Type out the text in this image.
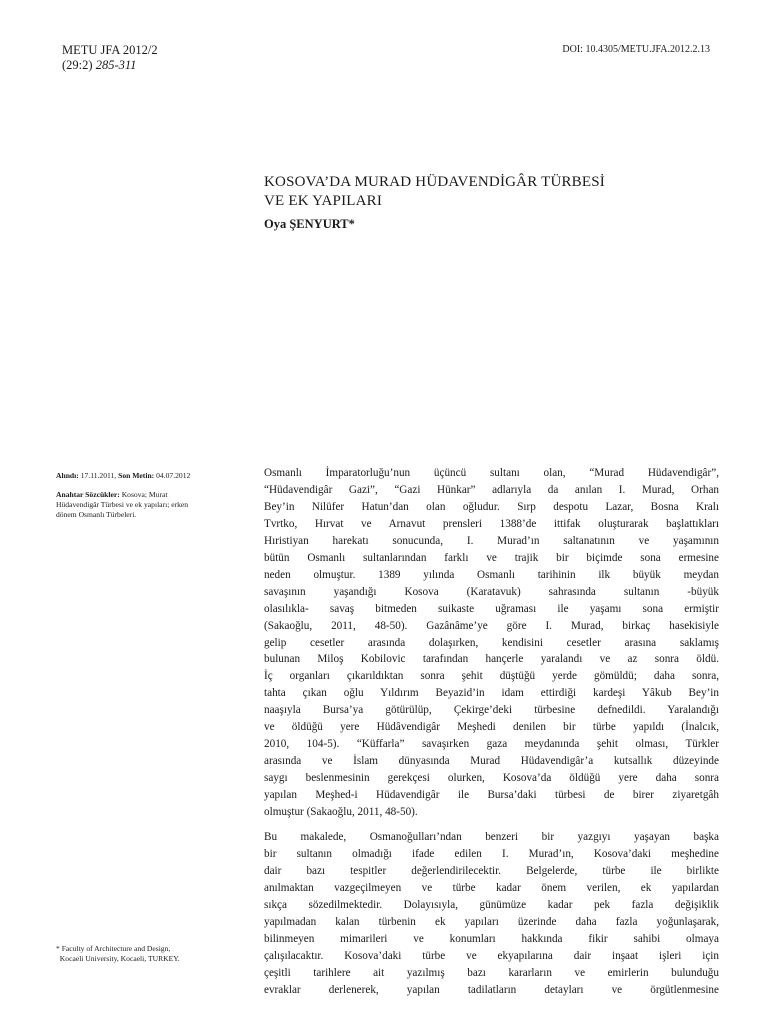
METU JFA 2012/2
(29:2) 285-311
DOI: 10.4305/METU.JFA.2012.2.13
KOSOVA’DA MURAD HÜDAVENDİGÂR TÜRBESİ
VE EK YAPILARI
Oya ŞENYURT*
Alındı: 17.11.2011, Son Metin: 04.07.2012
Anahtar Sözcükler: Kosova; Murat
Hüdavendigâr Türbesi ve ek yapıları; erken
dönem Osmanlı Türbeleri.
* Faculty of Architecture and Design,
Kocaeli University, Kocaeli, TURKEY.
Osmanlı İmparatorluğu’nun üçüncü sultanı olan, “Murad Hüdavendigâr”,
“Hüdavendigâr Gazi”, “Gazi Hünkar” adlarıyla da anılan I. Murad, Orhan
Bey’in Nilüfer Hatun’dan olan oğludur. Sırp despotu Lazar, Bosna Kralı
Tvrtko, Hırvat ve Arnavut prensleri 1388’de ittifak oluşturarak başlattıkları
Hıristiyan harekatı sonucunda, I. Murad’ın saltanatının ve yaşamının
bütün Osmanlı sultanlarından farklı ve trajik bir biçimde sona ermesine
neden olmuştur. 1389 yılında Osmanlı tarihinin ilk büyük meydan
savaşının yaşandığı Kosova (Karatavuk) sahrasında sultanın -büyük
olasılıkla- savaş bitmeden suikaste uğraması ile yaşamı sona ermiştir
(Sakaoğlu, 2011, 48-50). Gazânâme’ye göre I. Murad, birkaç hasekisiyle
gelip cesetler arasında dolaşırken, kendisini cesetler arasına saklamış
bulunan Miloş Kobilovic tarafından hançerle yaralandı ve az sonra öldü.
İç organları çıkarıldıktan sonra şehit düştüğü yerde gömüldü; daha sonra,
tahta çıkan oğlu Yıldırım Beyazid’in idam ettirdiği kardeşi Yâkub Bey’in
naaşıyla Bursa’ya götürülüp, Çekirge’deki türbesine defnedildi. Yaralandığı
ve öldüğü yere Hüdâvendigâr Meşhedi denilen bir türbe yapıldı (İnalcık,
2010, 104-5). “Küffarla” savaşırken gaza meydanında şehit olması, Türkler
arasında ve İslam dünyasında Murad Hüdavendigâr’a kutsallık düzeyinde
saygı beslenmesinin gerekçesi olurken, Kosova’da öldüğü yere daha sonra
yapılan Meşhed-i Hüdavendigâr ile Bursa’daki türbesi de birer ziyaretgâh
olmuştur (Sakaoğlu, 2011, 48-50).
Bu makalede, Osmanoğulları’ndan benzeri bir yazgıyı yaşayan başka
bir sultanın olmadığı ifade edilen I. Murad’ın, Kosova’daki meşhedine
dair bazı tespitler değerlendirilecektir. Belgelerde, türbe ile birlikte
anılmaktan vazgeçilmeyen ve türbe kadar önem verilen, ek yapılardan
sıkça sözedilmektedir. Dolayısıyla, günümüze kadar pek fazla değişiklik
yapılmadan kalan türbenin ek yapıları üzerinde daha fazla yoğunlaşarak,
bilinmeyen mimarileri ve konumları hakkında fikir sahibi olmaya
çalışılacaktır. Kosova’daki türbe ve ekyapılarına dair inşaat işleri için
çeşitli tarihlere ait yazılmış bazı kararların ve emirlerin bulunduğu
evraklar derlenerek, yapılan tadilatların detayları ve örgütlenmesine
